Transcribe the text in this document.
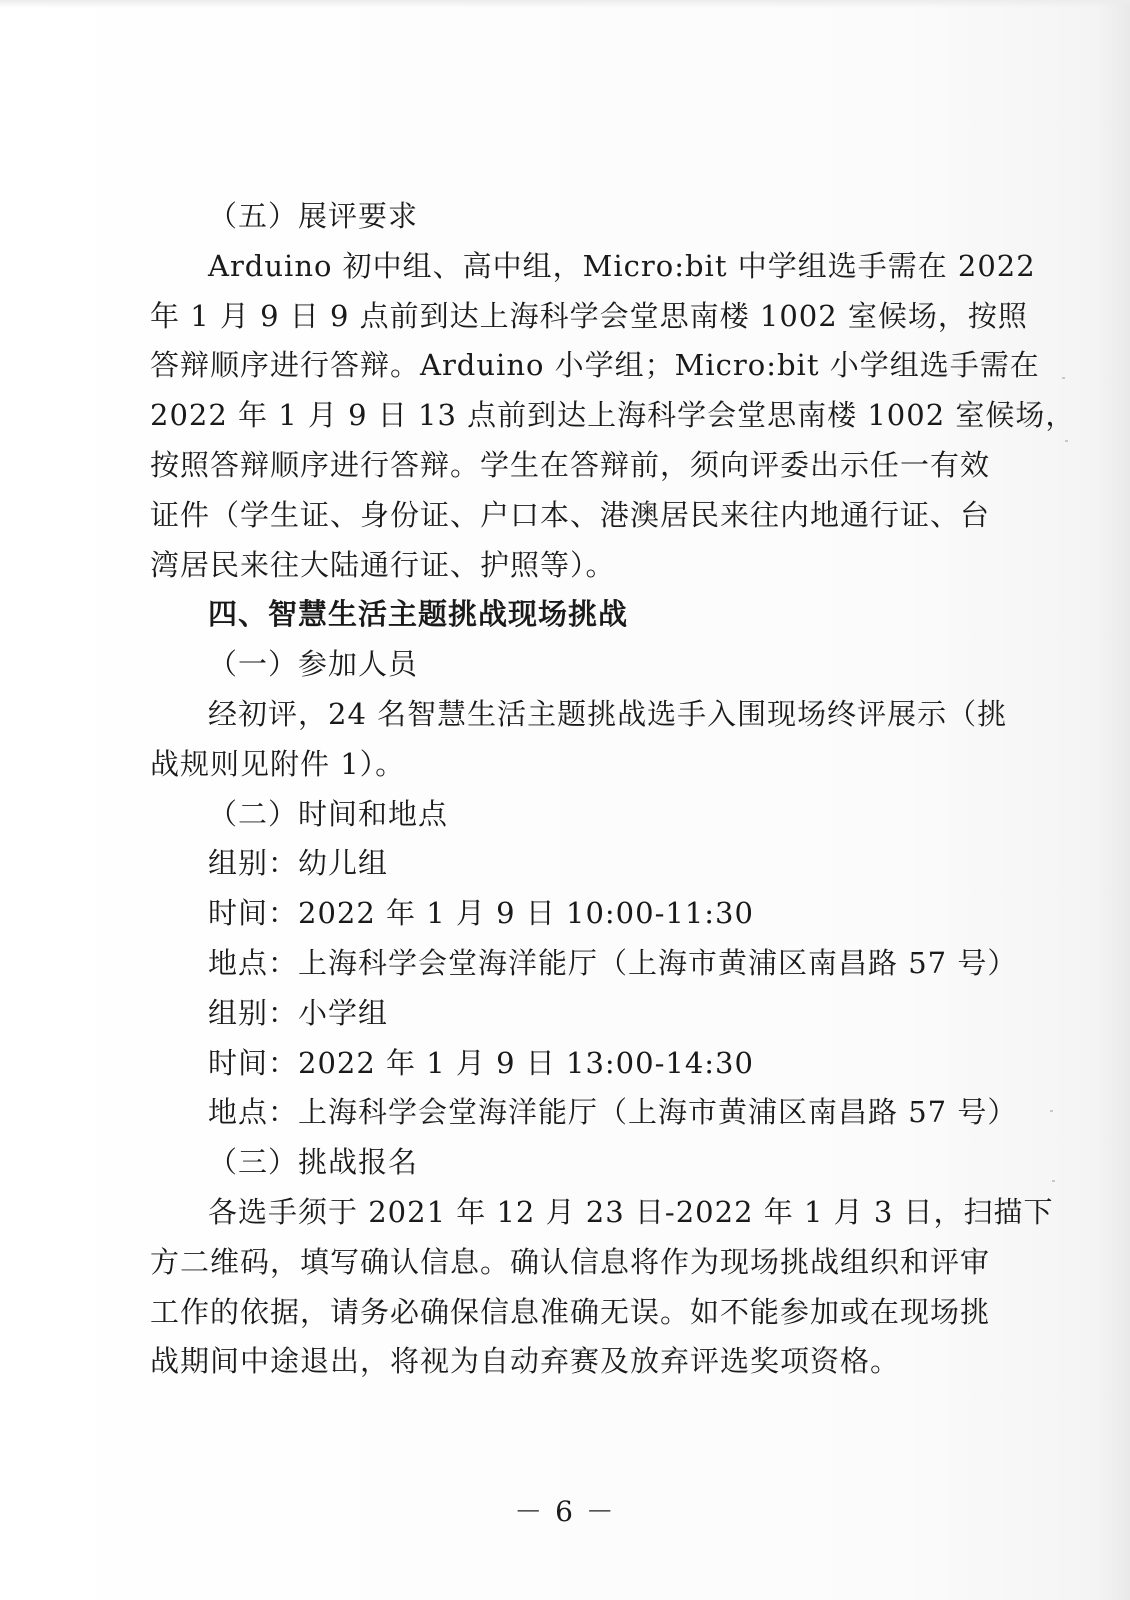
（五）展评要求
Arduino 初中组、高中组，Micro:bit 中学组选手需在 2022
年 1 月 9 日 9 点前到达上海科学会堂思南楼 1002 室候场，按照
答辩顺序进行答辩。Arduino 小学组；Micro:bit 小学组选手需在
2022 年 1 月 9 日 13 点前到达上海科学会堂思南楼 1002 室候场，
按照答辩顺序进行答辩。学生在答辩前，须向评委出示任一有效
证件（学生证、身份证、户口本、港澳居民来往内地通行证、台
湾居民来往大陆通行证、护照等）。
四、智慧生活主题挑战现场挑战
（一）参加人员
经初评，24 名智慧生活主题挑战选手入围现场终评展示（挑
战规则见附件 1）。
（二）时间和地点
组别：幼儿组
时间：2022 年 1 月 9 日 10:00-11:30
地点：上海科学会堂海洋能厅（上海市黄浦区南昌路 57 号）
组别：小学组
时间：2022 年 1 月 9 日 13:00-14:30
地点：上海科学会堂海洋能厅（上海市黄浦区南昌路 57 号）
（三）挑战报名
各选手须于 2021 年 12 月 23 日-2022 年 1 月 3 日，扫描下
方二维码，填写确认信息。确认信息将作为现场挑战组织和评审
工作的依据，请务必确保信息准确无误。如不能参加或在现场挑
战期间中途退出，将视为自动弃赛及放弃评选奖项资格。
－ 6 －
